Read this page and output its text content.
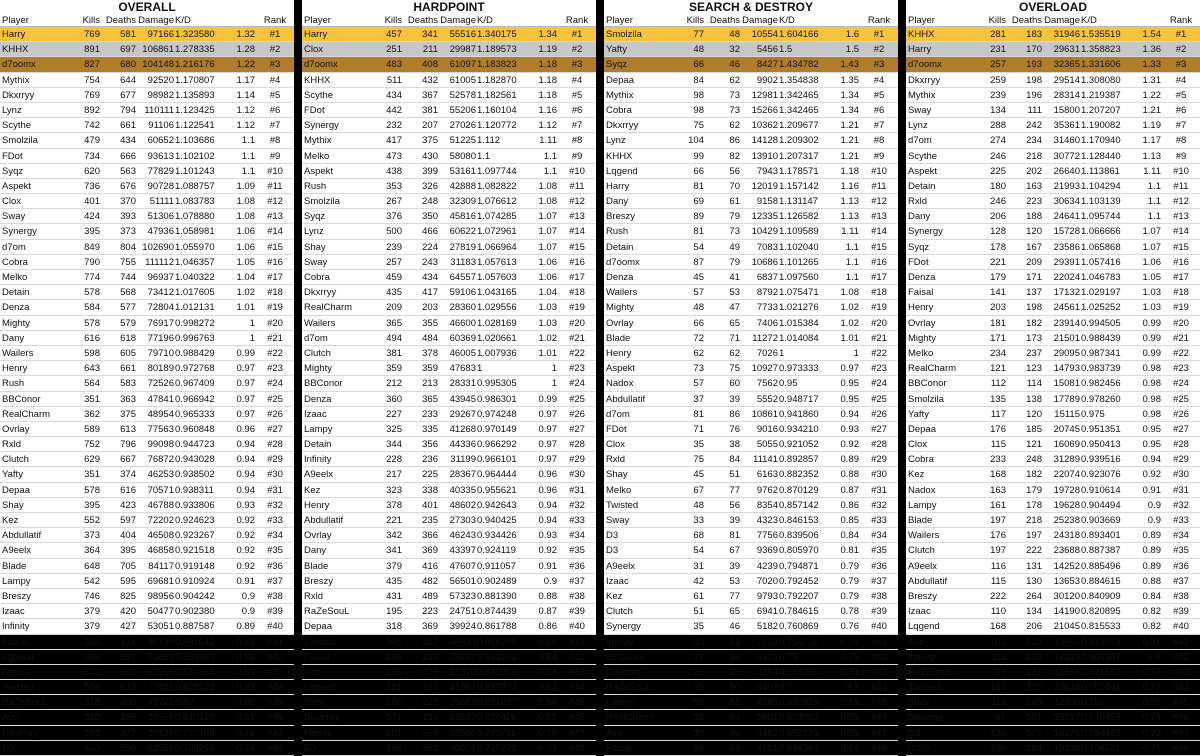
OVERALL
Player	Kills Deaths Damage K/D	Rank
Harry	769	581	97166 1.323580	1.32	#1
KHHX	891	697 106861 1.278335	1.28	#2
d7oomx	827	680 104148 1.216176	1.22	#3
Mythix	754	644	92520 1.170807	1.17	#4
Dkxrryy	769	677	98982 1.135893	1.14	#5
Lynz	892	794 110111 1.123425	1.12	#6
Scythe	742	661	91106 1.122541	1.12	#7
Smolzila	479	434	60652 1.103686	1.1	#8
FDot	734	666	93613 1.102102	1.1	#9
Syqz	620	563	77829 1.101243	1.1	#10
Aspekt	736	676	90728 1.088757	1.09	#11
Clox	401	370	51111 1.083783	1.08	#12
Sway	424	393	51306 1.078880	1.08	#13
Synergy	395	373	47936 1.058981	1.06	#14
d7om	849	804 102690 1.055970	1.06	#15
Cobra	790	755 111112 1.046357	1.05	#16
Melko	774	744	96937 1.040322	1.04	#17
Detain	578	568	73412 1.017605	1.02	#18
Denza	584	577	72804 1.012131	1.01	#19
Mighty	578	579	76917 0.998272	1	#20
Dany	616	618	77196 0.996763	1	#21
Wailers	598	605	79710 0.988429	0.99	#22
Henry	643	661	80189 0.972768	0.97	#23
Rush	564	583	72526 0.967409	0.97	#24
BBConor	351	363	47841 0.966942	0.97	#25
RealCharm	362	375	48954 0.965333	0.97	#26
Ovrlay	589	613	77563 0.960848	0.96	#27
Rxld	752	796	99098 0.944723	0.94	#28
Clutch	629	667	76872 0.943028	0.94	#29
Yafty	351	374	46253 0.938502	0.94	#30
Depaa	578	616	70571 0.938311	0.94	#31
Shay	395	423	46788 0.933806	0.93	#32
Kez	552	597	72202 0.924623	0.92	#33
Abdullatif	373	404	46508 0.923267	0.92	#34
A9eelx	364	395	46858 0.921518	0.92	#35
Blade	648	705	84117 0.919148	0.92	#36
Lampy	542	595	69681 0.910924	0.91	#37
Breszy	746	825	98956 0.904242	0.9	#38
Izaac	379	420	50477 0.902380	0.9	#39
Infinity	379	427	53051 0.887587	0.89	#40
Faisal	365	414	46730 0.881642	0.88	#41
Lqgend	565	657	70655 0.859969	0.86	#42
Nadox	501	593	62956 0.844856	0.84	#43
Twisted	558	673	77811 0.829123	0.83	#44
RaZeSouL	328	400	41722 0.82	0.82	#45
Avo	320	395	39356 0.810126	0.81	#46
Disarray	293	377	38138 0.777188	0.78	#47
D3	440	596	63565 0.738255	0.74	#48
HARDPOINT
Player	Kills Deaths Damage K/D	Rank
Harry	457	341	55516 1.340175	1.34	#1
Clox	251	211	29987 1.189573	1.19	#2
d7oomx	483	408	61097 1.183823	1.18	#3
KHHX	511	432	61005 1.182870	1.18	#4
Scythe	434	367	52578 1.182561	1.18	#5
FDot	442	381	55206 1.160104	1.16	#6
Synergy	232	207	27026 1.120772	1.12	#7
Mythix	417	375	51225 1.112	1.11	#8
Melko	473	430	58080 1.1	1.1	#9
Aspekt	438	399	53161 1.097744	1.1	#10
Rush	353	326	42888 1.082822	1.08	#11
Smolzila	267	248	32309 1.076612	1.08	#12
Syqz	376	350	45816 1.074285	1.07	#13
Lynz	500	466	60622 1.072961	1.07	#14
Shay	239	224	27819 1.066964	1.07	#15
Sway	257	243	31183 1.057613	1.06	#16
Cobra	459	434	64557 1.057603	1.06	#17
Dkxrryy	435	417	59106 1.043165	1.04	#18
RealCharm	209	203	28360 1.029556	1.03	#19
Wailers	365	355	46600 1.028169	1.03	#20
d7om	494	484	60369 1.020661	1.02	#21
Clutch	381	378	46005 1.007936	1.01	#22
Mighty	359	359	47683 1	1	#23
BBConor	212	213	28331 0.995305	1	#24
Denza	360	365	43945 0.986301	0.99	#25
Izaac	227	233	29267 0.974248	0.97	#26
Lampy	325	335	41268 0.970149	0.97	#27
Detain	344	356	44336 0.966292	0.97	#28
Infinity	228	236	31199 0.966101	0.97	#29
A9eelx	217	225	28367 0.964444	0.96	#30
Kez	323	338	40335 0.955621	0.96	#31
Henry	378	401	48602 0.942643	0.94	#32
Abdullatif	221	235	27303 0.940425	0.94	#33
Ovrlay	342	366	46243 0.934426	0.93	#34
Dany	341	369	43397 0.924119	0.92	#35
Blade	379	416	47607 0.911057	0.91	#36
Breszy	435	482	56501 0.902489	0.9	#37
Rxld	431	489	57323 0.881390	0.88	#38
RaZeSouL	195	223	24751 0.874439	0.87	#39
Depaa	318	369	39924 0.861788	0.86	#40
Twisted	345	402	46833 0.858208	0.86	#41
Faisal	196	233	25447 0.841201	0.84	#42
Avo	185	220	21370 0.840909	0.84	#43
Lqgend	331	395	41667 0.837974	0.84	#44
Yafty	186	222	25682 0.837837	0.84	#45
Disarray	171	211	23627 0.810426	0.81	#46
Nadox	281	354	35666 0.793785	0.79	#47
D3	256	352	36021 0.727272	0.73	#48
SEARCH & DESTROY
Player	Kills Deaths Damage K/D	Rank
Smolzila	77	48	10554 1.604166	1.6	#1
Yafty	48	32	5456 1.5	1.5	#2
Syqz	66	46	8427 1.434782	1.43	#3
Depaa	84	62	9902 1.354838	1.35	#4
Mythix	98	73	12981 1.342465	1.34	#5
Cobra	98	73	15266 1.342465	1.34	#6
Dkxrryy	75	62	10362 1.209677	1.21	#7
Lynz	104	86	14128 1.209302	1.21	#8
KHHX	99	82	13910 1.207317	1.21	#9
Lqgend	66	56	7943 1.178571	1.18	#10
Harry	81	70	12019 1.157142	1.16	#11
Dany	69	61	9158 1.131147	1.13	#12
Breszy	89	79	12335 1.126582	1.13	#13
Rush	81	73	10429 1.109589	1.11	#14
Detain	54	49	7083 1.102040	1.1	#15
d7oomx	87	79	10686 1.101265	1.1	#16
Denza	45	41	6837 1.097560	1.1	#17
Wailers	57	53	8792 1.075471	1.08	#18
Mighty	48	47	7733 1.021276	1.02	#19
Ovrlay	66	65	7406 1.015384	1.02	#20
Blade	72	71	11272 1.014084	1.01	#21
Henry	62	62	7026 1	1	#22
Aspekt	73	75	10927 0.973333	0.97	#23
Nadox	57	60	7562 0.95	0.95	#24
Abdullatif	37	39	5552 0.948717	0.95	#25
d7om	81	86	10861 0.941860	0.94	#26
FDot	71	76	9016 0.934210	0.93	#27
Clox	35	38	5055 0.921052	0.92	#28
Rxld	75	84	11141 0.892857	0.89	#29
Shay	45	51	6163 0.882352	0.88	#30
Melko	67	77	9762 0.870129	0.87	#31
Twisted	48	56	8354 0.857142	0.86	#32
Sway	33	39	4323 0.846153	0.85	#33
D3	68	81	7756 0.839506	0.84	#34
D3	54	67	9369 0.805970	0.81	#35
A9eelx	31	39	4239 0.794871	0.79	#36
Izaac	42	53	7020 0.792452	0.79	#37
Kez	61	77	9793 0.792207	0.79	#38
Clutch	51	65	6941 0.784615	0.78	#39
Synergy	35	46	5182 0.760869	0.76	#40
Infinity	40	53	7533 0.754716	0.75	#41
BBConor	27	36	4429 0.75	0.75	#42
Disarray	25	35	3294 0.714285	0.71	#43
RaZeSouL	35	50	4407 0.7	0.7	#44
Lampy	56	82	8785 0.682926	0.68	#45
RealCharm	32	49	5801 0.653061	0.65	#46
Avo	30	46	4482 0.652173	0.65	#47
Faisal	28	44	4151 0.636363	0.64	#48
OVERLOAD
Player	Kills Deaths Damage K/D	Rank
KHHX	281	183	31946 1.535519	1.54	#1
Harry	231	170	29631 1.358823	1.36	#2
d7oomx	257	193	32365 1.331606	1.33	#3
Dkxrryy	259	198	29514 1.308080	1.31	#4
Mythix	239	196	28314 1.219387	1.22	#5
Sway	134	111	15800 1.207207	1.21	#6
Lynz	288	242	35361 1.190082	1.19	#7
d7om	274	234	31460 1.170940	1.17	#8
Scythe	246	218	30772 1.128440	1.13	#9
Aspekt	225	202	26640 1.113861	1.11	#10
Detain	180	163	21993 1.104294	1.1	#11
Rxld	246	223	30634 1.103139	1.1	#12
Dany	206	188	24641 1.095744	1.1	#13
Synergy	128	120	15728 1.066666	1.07	#14
Syqz	178	167	23586 1.065868	1.07	#15
FDot	221	209	29391 1.057416	1.06	#16
Denza	179	171	22024 1.046783	1.05	#17
Faisal	141	137	17132 1.029197	1.03	#18
Henry	203	198	24561 1.025252	1.03	#19
Ovrlay	181	182	23914 0.994505	0.99	#20
Mighty	171	173	21501 0.988439	0.99	#21
Melko	234	237	29095 0.987341	0.99	#22
RealCharm	121	123	14793 0.983739	0.98	#23
BBConor	112	114	15081 0.982456	0.98	#24
Smolzila	135	138	17789 0.978260	0.98	#25
Yafty	117	120	15115 0.975	0.98	#26
Depaa	176	185	20745 0.951351	0.95	#27
Clox	115	121	16069 0.950413	0.95	#28
Cobra	233	248	31289 0.939516	0.94	#29
Kez	168	182	22074 0.923076	0.92	#30
Nadox	163	179	19728 0.910614	0.91	#31
Lampy	161	178	19628 0.904494	0.9	#32
Blade	197	218	25238 0.903669	0.9	#33
Wailers	176	197	24318 0.893401	0.89	#34
Clutch	197	222	23688 0.887387	0.89	#35
A9eelx	116	131	14252 0.885496	0.89	#36
Abdullatif	115	130	13653 0.884615	0.88	#37
Breszy	222	264	30120 0.840909	0.84	#38
Izaac	110	134	14190 0.820895	0.82	#39
Lqgend	168	206	21045 0.815533	0.82	#40
Avo	105	129	13504 0.813953	0.81	#41
Infinity	111	138	14319 0.804347	0.8	#42
RaZeSouL	98	127	12564 0.771653	0.77	#43
Twisted	165	215	22624 0.767441	0.77	#44
Shay	111	148	12806 0.75	0.75	#45
Disarray	97	131	15217 0.740458	0.74	#46
D3	130	177	18175 0.734463	0.73	#47
Rush	130	184	19209 0.706521	0.71	#48
